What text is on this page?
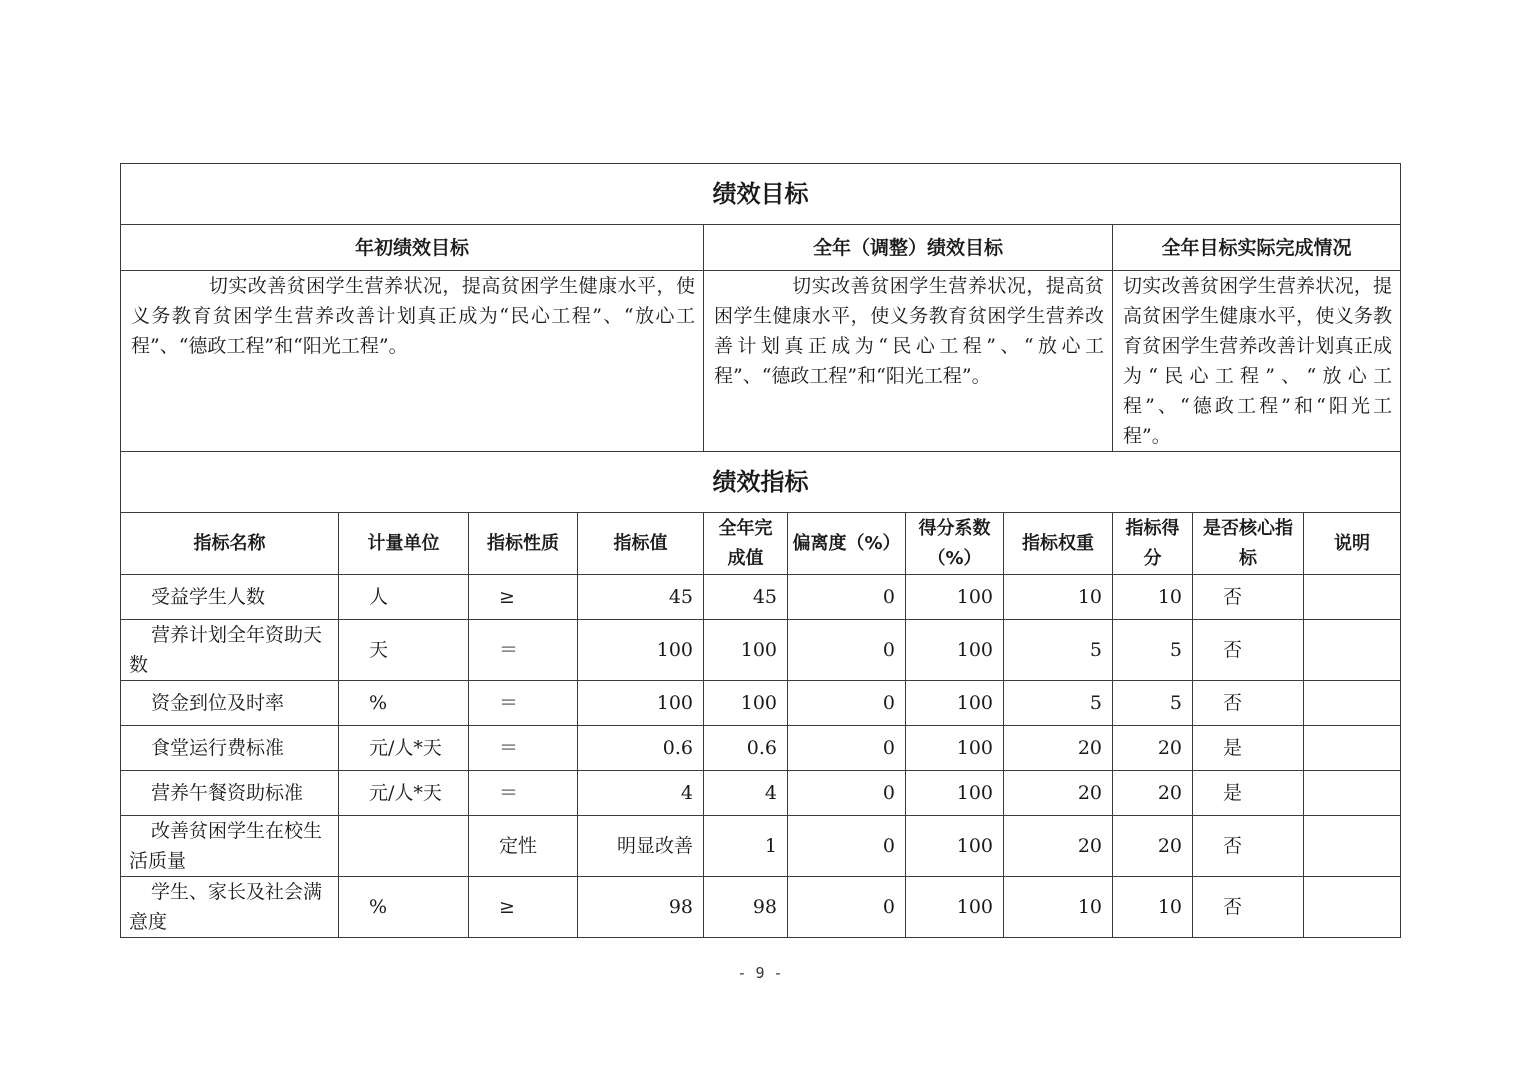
绩效目标										
年初绩效目标				全年（调整）绩效目标				全年目标实际完成情况		
　　　　切实改善贫困学生营养状况，提高贫困学生健康水平，使义务教育贫困学生营养改善计划真正成为“民心工程”、“放心工程”、“德政工程”和“阳光工程”。				　　　　切实改善贫困学生营养状况，提高贫困学生健康水平，使义务教育贫困学生营养改善计划真正成为“民心工程”、“放心工程”、“德政工程”和“阳光工程”。				切实改善贫困学生营养状况，提高贫困学生健康水平，使义务教育贫困学生营养改善计划真正成为“民心工程”、“放心工程”、“德政工程”和“阳光工程”。		
绩效指标										
指标名称	计量单位	指标性质	指标值	全年完成值	偏离度（%）	得分系数（%）	指标权重	指标得分	是否核心指标	说明
受益学生人数	人	≥	45	45	0	100	10	10	否	

营养计划全年资助天数	天	＝	100	100	0	100	5	5	否	
资金到位及时率	%	＝	100	100	0	100	5	5	否	
食堂运行费标准	元/人*天	＝	0.6	0.6	0	100	20	20	是	
营养午餐资助标准	元/人*天	＝	4	4	0	100	20	20	是	

改善贫困学生在校生活质量		定性	明显改善	1	0	100	20	20	否	

学生、家长及社会满意度	%	≥	98	98	0	100	10	10	否	
- 9 -
